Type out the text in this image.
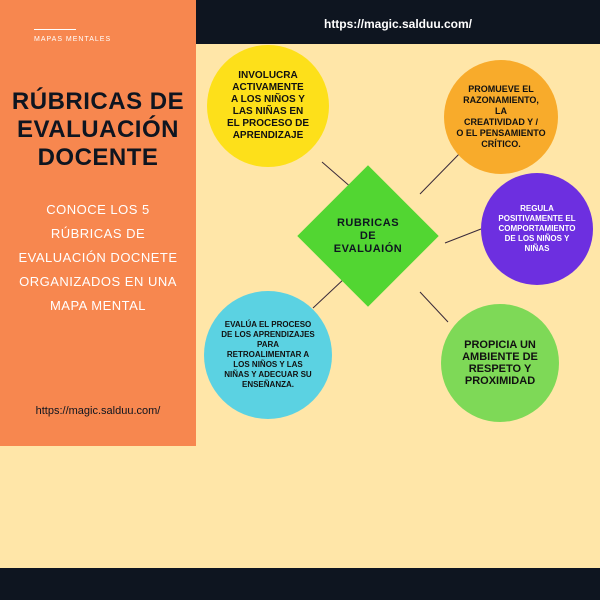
https://magic.salduu.com/
MAPAS MENTALES
RÚBRICAS DE
EVALUACIÓN
DOCENTE
CONOCE LOS 5
RÚBRICAS DE
EVALUACIÓN DOCNETE
ORGANIZADOS EN UNA
MAPA MENTAL
https://magic.salduu.com/
INVOLUCRA
ACTIVAMENTE
A LOS NIÑOS Y
LAS NIÑAS EN
EL PROCESO DE
APRENDIZAJE
PROMUEVE EL
RAZONAMIENTO,
LA
CREATIVIDAD Y /
O EL PENSAMIENTO
CRÍTICO.
REGULA
POSITIVAMENTE EL
COMPORTAMIENTO
DE LOS NIÑOS Y
NIÑAS
PROPICIA UN
AMBIENTE DE
RESPETO Y
PROXIMIDAD
EVALÚA EL PROCESO
DE LOS APRENDIZAJES
PARA
RETROALIMENTAR A
LOS NIÑOS Y LAS
NIÑAS Y ADECUAR SU
ENSEÑANZA.
RUBRICAS
DE
EVALUAIÓN
